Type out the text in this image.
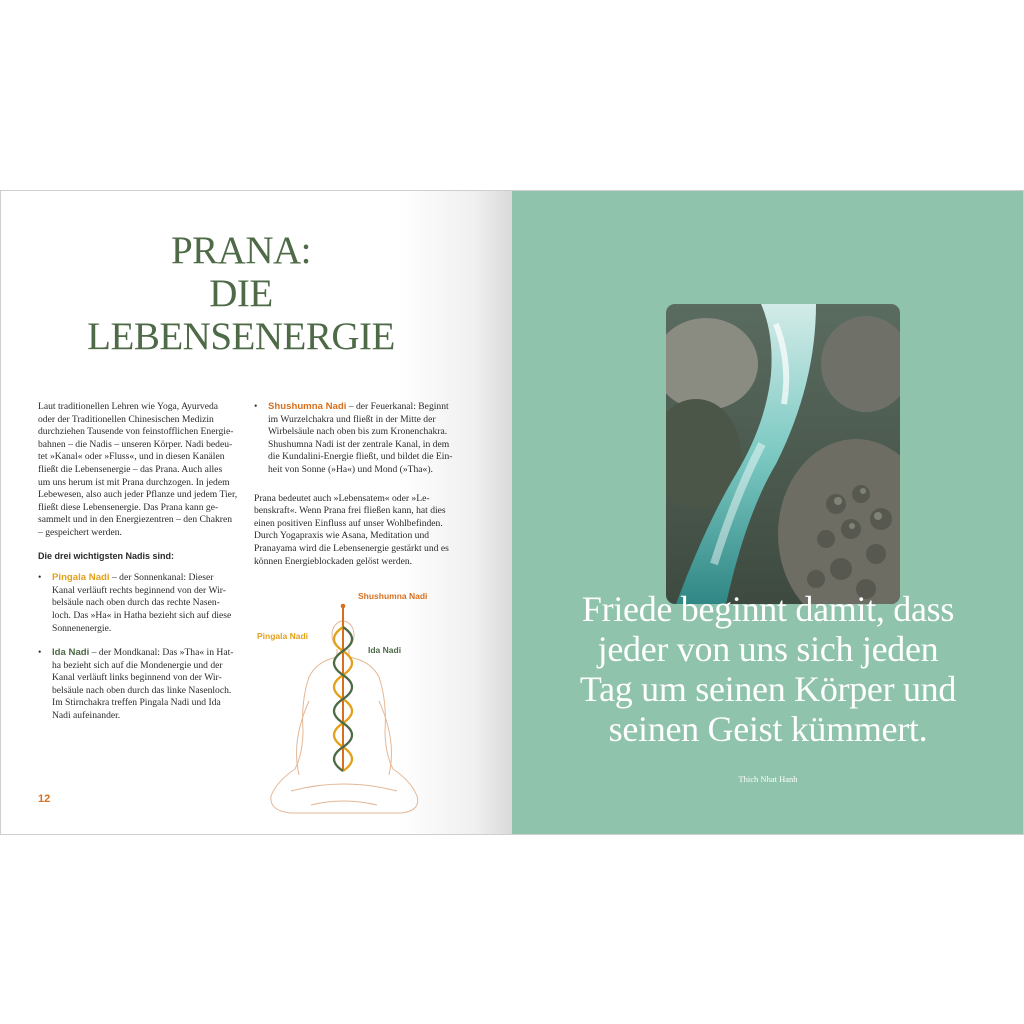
PRANA:
DIE
LEBENSENERGIE

Laut traditionellen Lehren wie Yoga, Ayurveda
oder der Traditionellen Chinesischen Medizin
durchziehen Tausende von feinstofflichen Energie-
bahnen – die Nadis – unseren Körper. Nadi bedeu-
tet »Kanal« oder »Fluss«, und in diesen Kanälen
fließt die Lebensenergie – das Prana. Auch alles
um uns herum ist mit Prana durchzogen. In jedem
Lebewesen, also auch jeder Pflanze und jedem Tier,
fließt diese Lebensenergie. Das Prana kann ge-
sammelt und in den Energiezentren – den Chakren
– gespeichert werden.

Die drei wichtigsten Nadis sind:

• Pingala Nadi – der Sonnenkanal: Dieser
Kanal verläuft rechts beginnend von der Wir-
belsäule nach oben durch das rechte Nasen-
loch. Das »Ha« in Hatha bezieht sich auf diese
Sonnenenergie.

• Ida Nadi – der Mondkanal: Das »Tha« in Hat-
ha bezieht sich auf die Mondenergie und der
Kanal verläuft links beginnend von der Wir-
belsäule nach oben durch das linke Nasenloch.
Im Stirnchakra treffen Pingala Nadi und Ida
Nadi aufeinander.

• Shushumna Nadi – der Feuerkanal: Beginnt
im Wurzelchakra und fließt in der Mitte der
Wirbelsäule nach oben bis zum Kronenchakra.
Shushumna Nadi ist der zentrale Kanal, in dem
die Kundalini-Energie fließt, und bildet die Ein-
heit von Sonne (»Ha«) und Mond (»Tha«).

Prana bedeutet auch »Lebensatem« oder »Le-
benskraft«. Wenn Prana frei fließen kann, hat dies
einen positiven Einfluss auf unser Wohlbefinden.
Durch Yogapraxis wie Asana, Meditation und
Pranayama wird die Lebensenergie gestärkt und es
können Energieblockaden gelöst werden.

Shushumna Nadi
Pingala Nadi
Ida Nadi
12
Friede beginnt damit, dass
jeder von uns sich jeden
Tag um seinen Körper und
seinen Geist kümmert.
Thich Nhat Hanh
